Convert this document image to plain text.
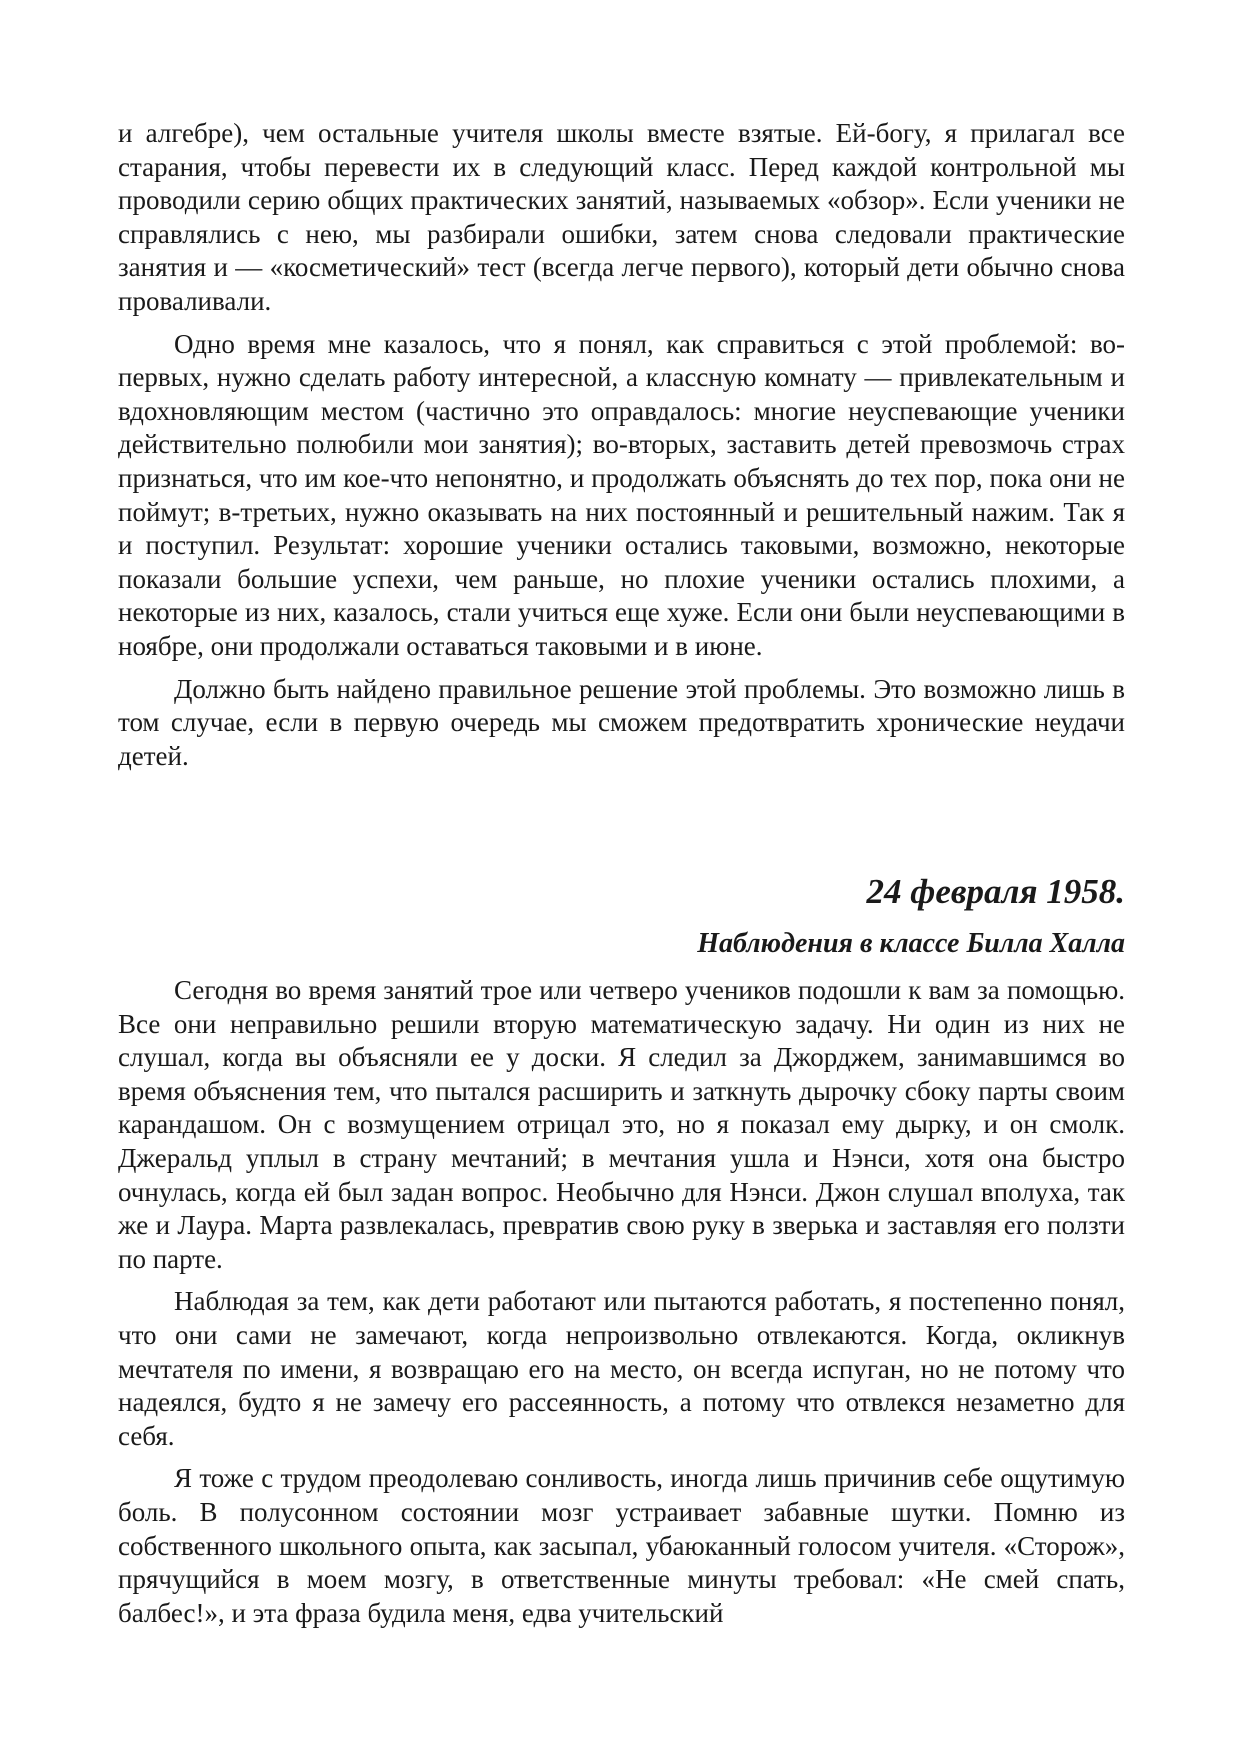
и алгебре), чем остальные учителя школы вместе взятые. Ей-богу, я прилагал все старания, чтобы перевести их в следующий класс. Перед каждой контрольной мы проводили серию общих практических занятий, называемых «обзор». Если ученики не справлялись с нею, мы разбирали ошибки, затем снова следовали практические занятия и — «косметический» тест (всегда легче первого), который дети обычно снова проваливали.

Одно время мне казалось, что я понял, как справиться с этой проблемой: во-первых, нужно сделать работу интересной, а классную комнату — привлекательным и вдохновляющим местом (частично это оправдалось: многие неуспевающие ученики действительно полюбили мои занятия); во-вторых, заставить детей превозмочь страх признаться, что им кое-что непонятно, и продолжать объяснять до тех пор, пока они не поймут; в-третьих, нужно оказывать на них постоянный и решительный нажим. Так я и поступил. Результат: хорошие ученики остались таковыми, возможно, некоторые показали большие успехи, чем раньше, но плохие ученики остались плохими, а некоторые из них, казалось, стали учиться еще хуже. Если они были неуспевающими в ноябре, они продолжали оставаться таковыми и в июне.

Должно быть найдено правильное решение этой проблемы. Это возможно лишь в том случае, если в первую очередь мы сможем предотвратить хронические неудачи детей.

24 февраля 1958.
Наблюдения в классе Билла Халла

Сегодня во время занятий трое или четверо учеников подошли к вам за помощью. Все они неправильно решили вторую математическую задачу. Ни один из них не слушал, когда вы объясняли ее у доски. Я следил за Джорджем, занимавшимся во время объяснения тем, что пытался расширить и заткнуть дырочку сбоку парты своим карандашом. Он с возмущением отрицал это, но я показал ему дырку, и он смолк. Джеральд уплыл в страну мечтаний; в мечтания ушла и Нэнси, хотя она быстро очнулась, когда ей был задан вопрос. Необычно для Нэнси. Джон слушал вполуха, так же и Лаура. Марта развлекалась, превратив свою руку в зверька и заставляя его ползти по парте.

Наблюдая за тем, как дети работают или пытаются работать, я постепенно понял, что они сами не замечают, когда непроизвольно отвлекаются. Когда, окликнув мечтателя по имени, я возвращаю его на место, он всегда испуган, но не потому что надеялся, будто я не замечу его рассеянность, а потому что отвлекся незаметно для себя.

Я тоже с трудом преодолеваю сонливость, иногда лишь причинив себе ощутимую боль. В полусонном состоянии мозг устраивает забавные шутки. Помню из собственного школьного опыта, как засыпал, убаюканный голосом учителя. «Сторож», прячущийся в моем мозгу, в ответственные минуты требовал: «Не смей спать, балбес!», и эта фраза будила меня, едва учительский
